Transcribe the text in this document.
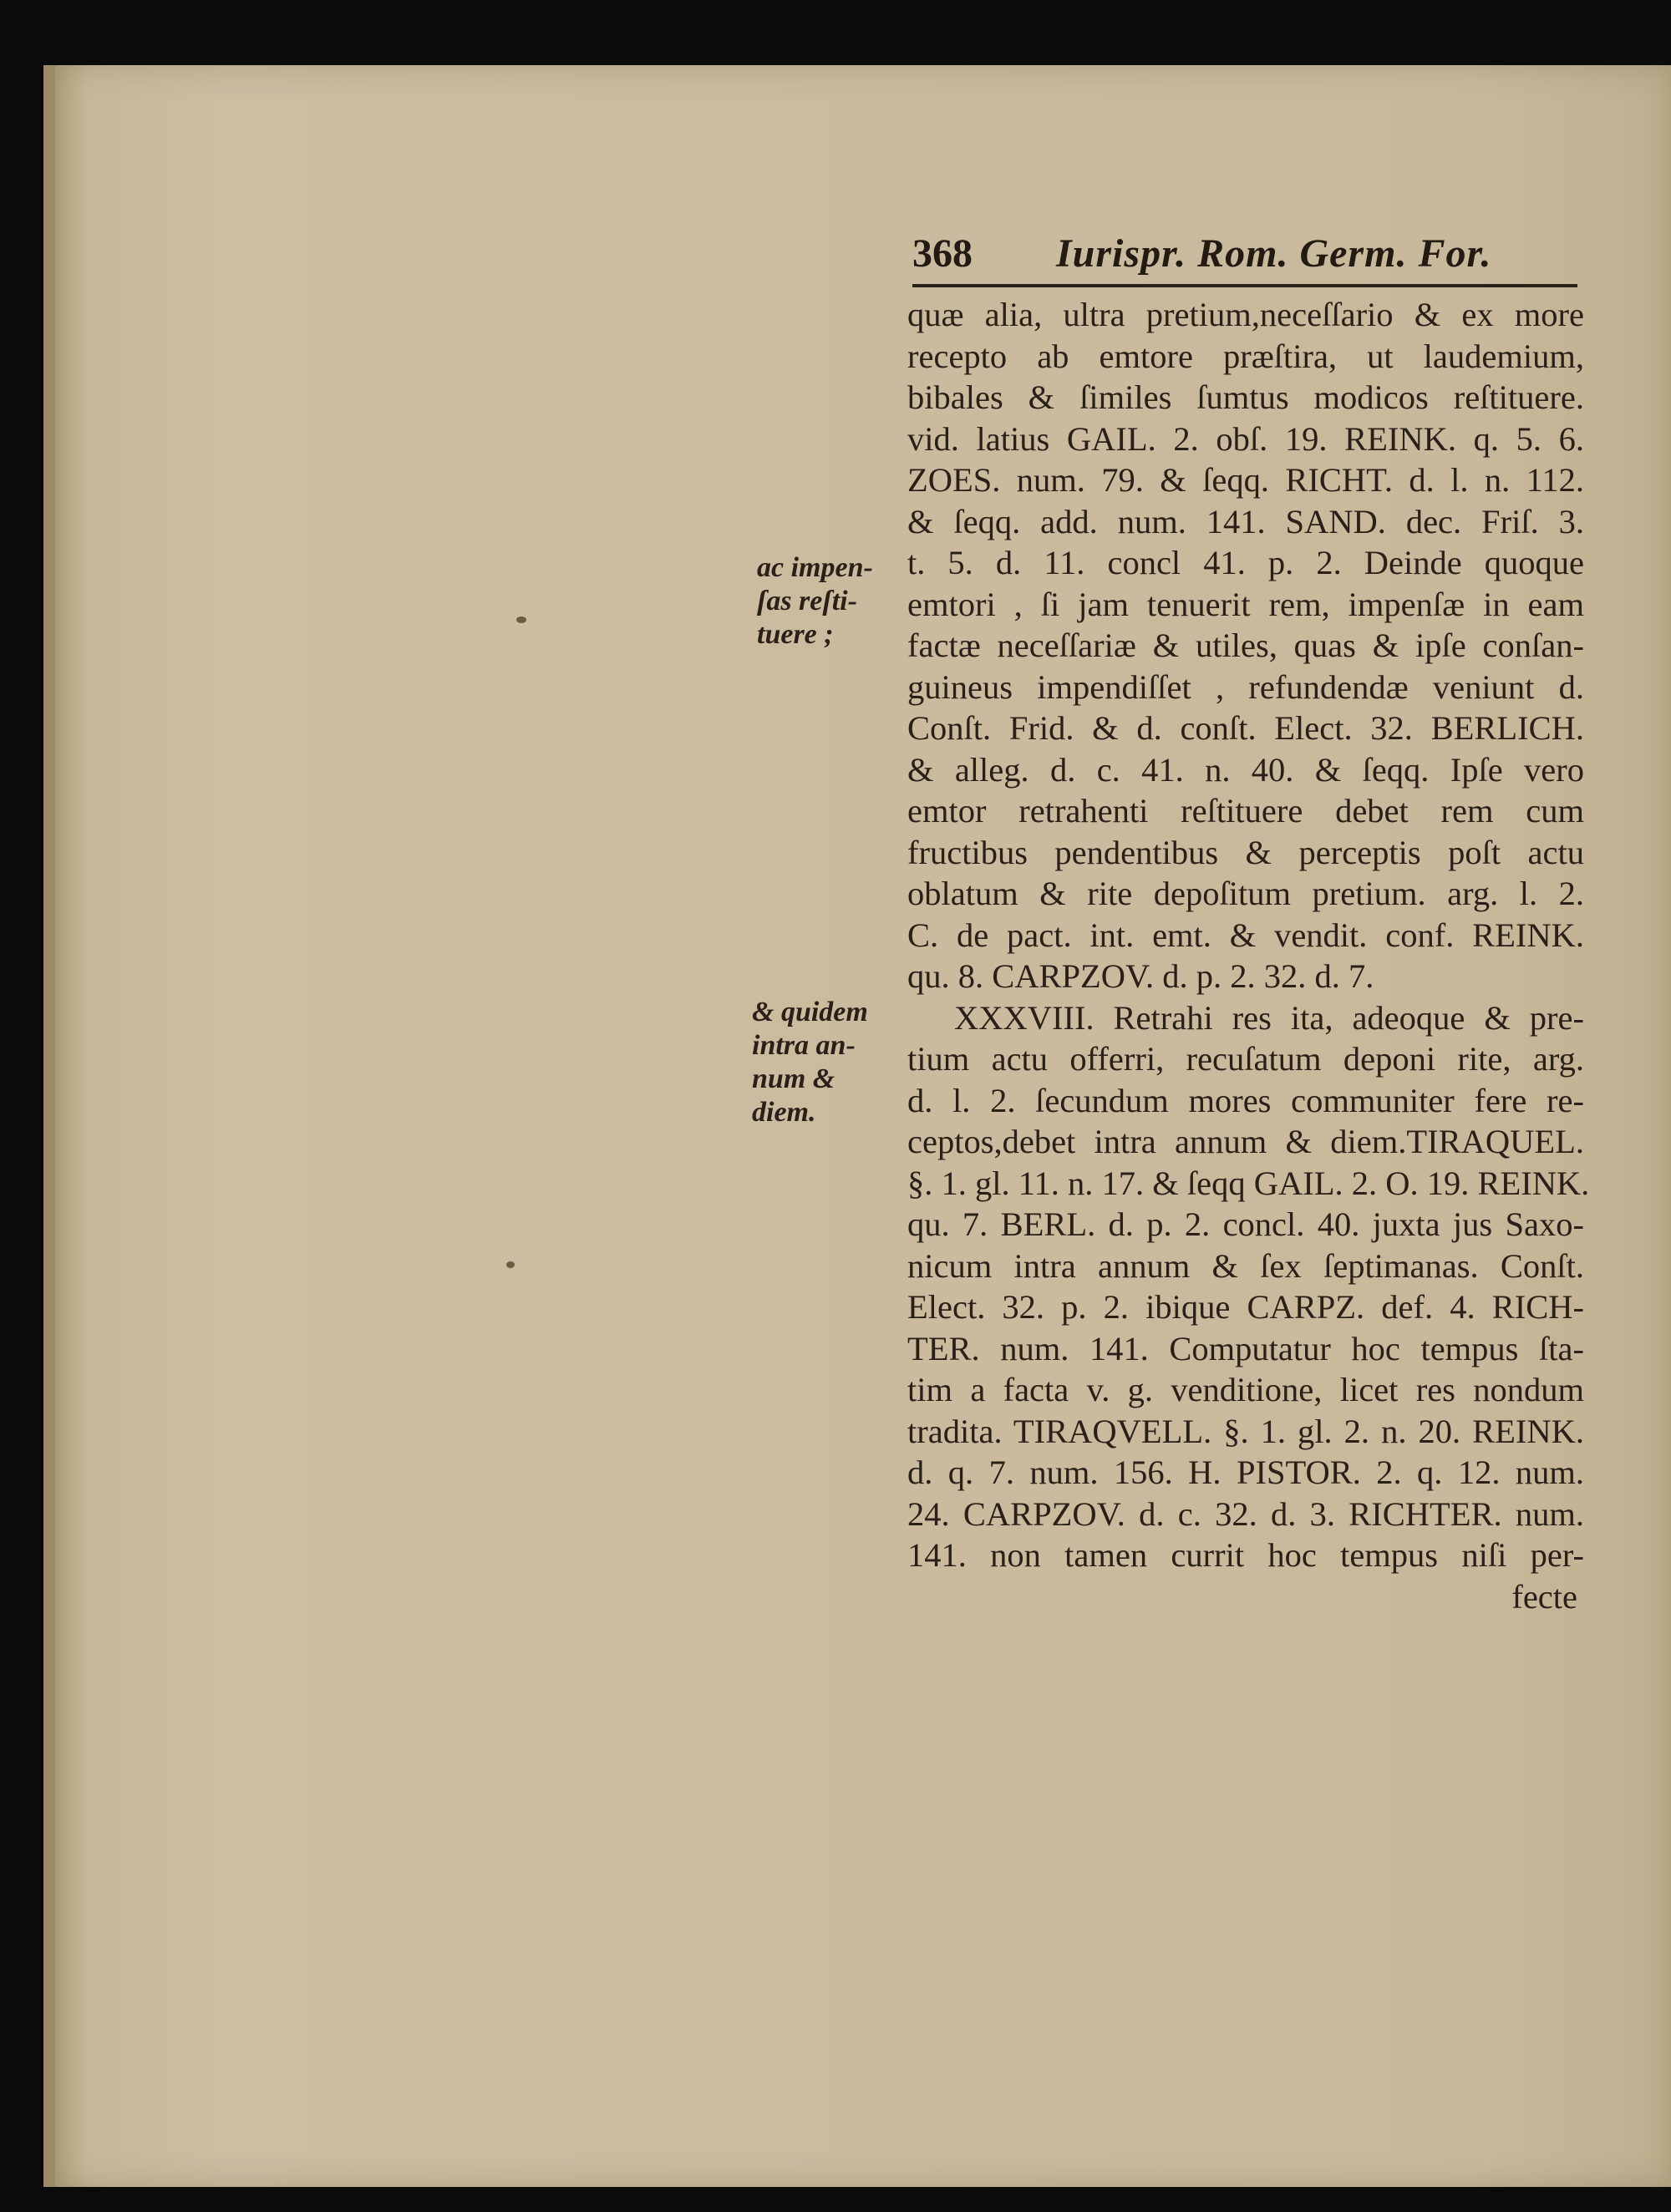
368 Iurispr. Rom. Germ. For.
ac impen-
ſas reſti-
tuere ;
& quidem
intra an-
num &
diem.
quæ alia, ultra pretium,neceſſario & ex more
recepto ab emtore præſtira, ut laudemium,
bibales & ſimiles ſumtus modicos reſtituere.
vid. latius GAIL. 2. obſ. 19. REINK. q. 5. 6.
ZOES. num. 79. & ſeqq. RICHT. d. l. n. 112.
& ſeqq. add. num. 141. SAND. dec. Friſ. 3.
t. 5. d. 11. concl 41. p. 2. Deinde quoque
emtori , ſi jam tenuerit rem, impenſæ in eam
factæ neceſſariæ & utiles, quas & ipſe conſan-
guineus impendiſſet , refundendæ veniunt d.
Conſt. Frid. & d. conſt. Elect. 32. BERLICH.
& alleg. d. c. 41. n. 40. & ſeqq. Ipſe vero
emtor retrahenti reſtituere debet rem cum
fructibus pendentibus & perceptis poſt actu
oblatum & rite depoſitum pretium. arg. l. 2.
C. de pact. int. emt. & vendit. conf. REINK.
qu. 8. CARPZOV. d. p. 2. 32. d. 7.
XXXVIII. Retrahi res ita, adeoque & pre-
tium actu offerri, recuſatum deponi rite, arg.
d. l. 2. ſecundum mores communiter fere re-
ceptos,debet intra annum & diem.TIRAQUEL.
§. 1. gl. 11. n. 17. & ſeqq GAIL. 2. O. 19. REINK.
qu. 7. BERL. d. p. 2. concl. 40. juxta jus Saxo-
nicum intra annum & ſex ſeptimanas. Conſt.
Elect. 32. p. 2. ibique CARPZ. def. 4. RICH-
TER. num. 141. Computatur hoc tempus ſta-
tim a facta v. g. venditione, licet res nondum
tradita. TIRAQVELL. §. 1. gl. 2. n. 20. REINK.
d. q. 7. num. 156. H. PISTOR. 2. q. 12. num.
24. CARPZOV. d. c. 32. d. 3. RICHTER. num.
141. non tamen currit hoc tempus niſi per-
fecte
